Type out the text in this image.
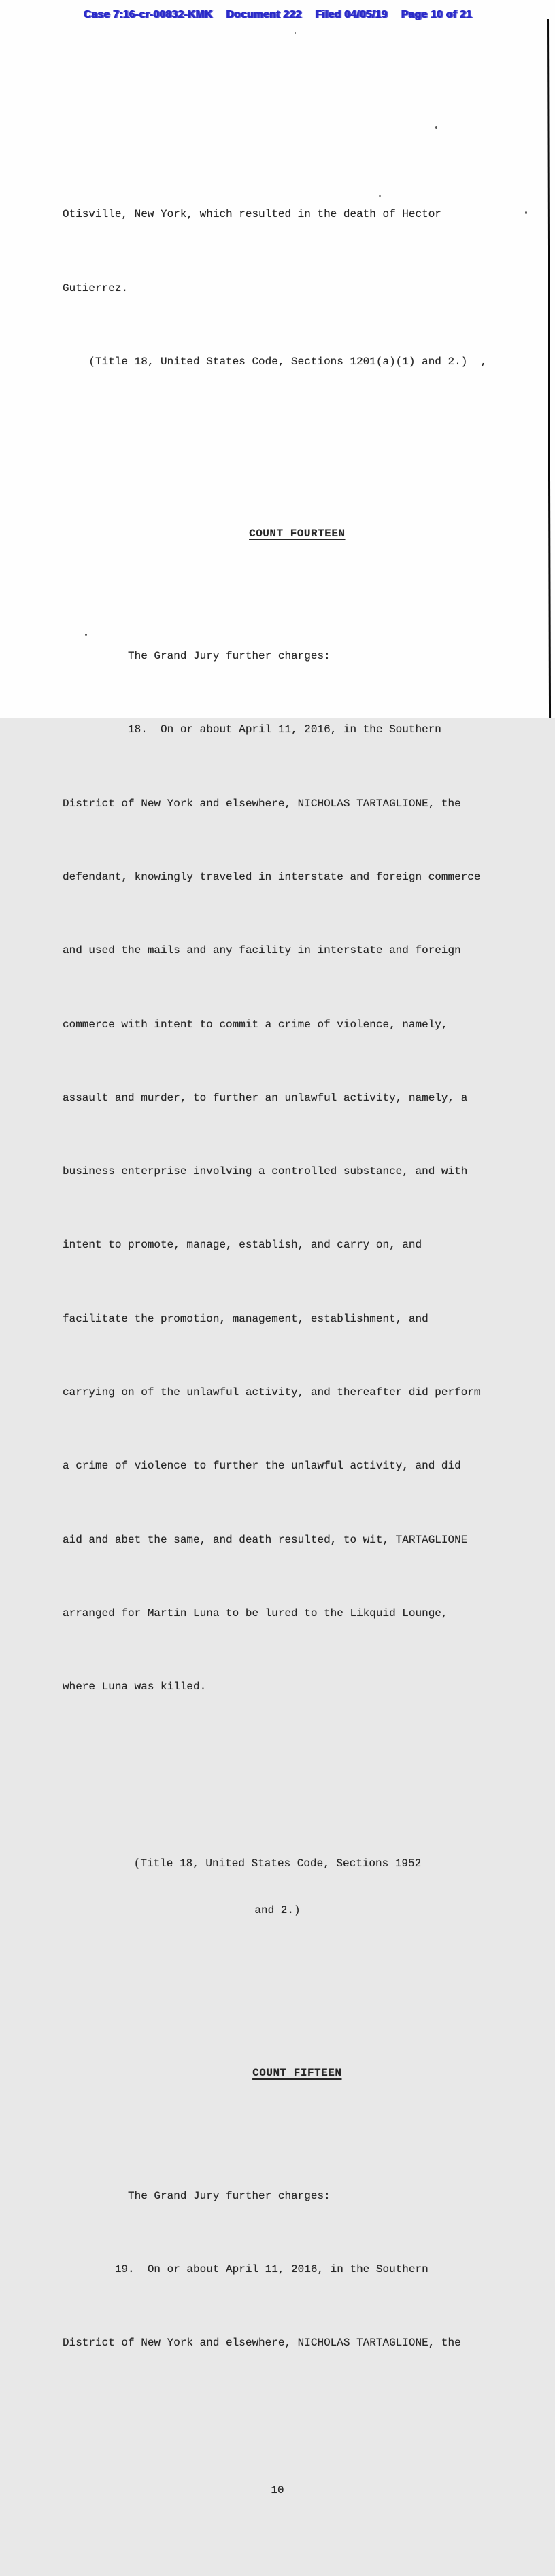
Case 7:16-cr-00832-KMK Document 222 Filed 04/05/19 Page 10 of 21

Otisville, New York, which resulted in the death of Hector

Gutierrez.

(Title 18, United States Code, Sections 1201(a)(1) and 2.)  ,

COUNT FOURTEEN

The Grand Jury further charges:

18.  On or about April 11, 2016, in the Southern

District of New York and elsewhere, NICHOLAS TARTAGLIONE, the

defendant, knowingly traveled in interstate and foreign commerce

and used the mails and any facility in interstate and foreign

commerce with intent to commit a crime of violence, namely,

assault and murder, to further an unlawful activity, namely, a

business enterprise involving a controlled substance, and with

intent to promote, manage, establish, and carry on, and

facilitate the promotion, management, establishment, and

carrying on of the unlawful activity, and thereafter did perform

a crime of violence to further the unlawful activity, and did

aid and abet the same, and death resulted, to wit, TARTAGLIONE

arranged for Martin Luna to be lured to the Likquid Lounge,

where Luna was killed.

(Title 18, United States Code, Sections 1952

and 2.)

COUNT FIFTEEN

The Grand Jury further charges:

19.  On or about April 11, 2016, in the Southern

District of New York and elsewhere, NICHOLAS TARTAGLIONE, the

10
